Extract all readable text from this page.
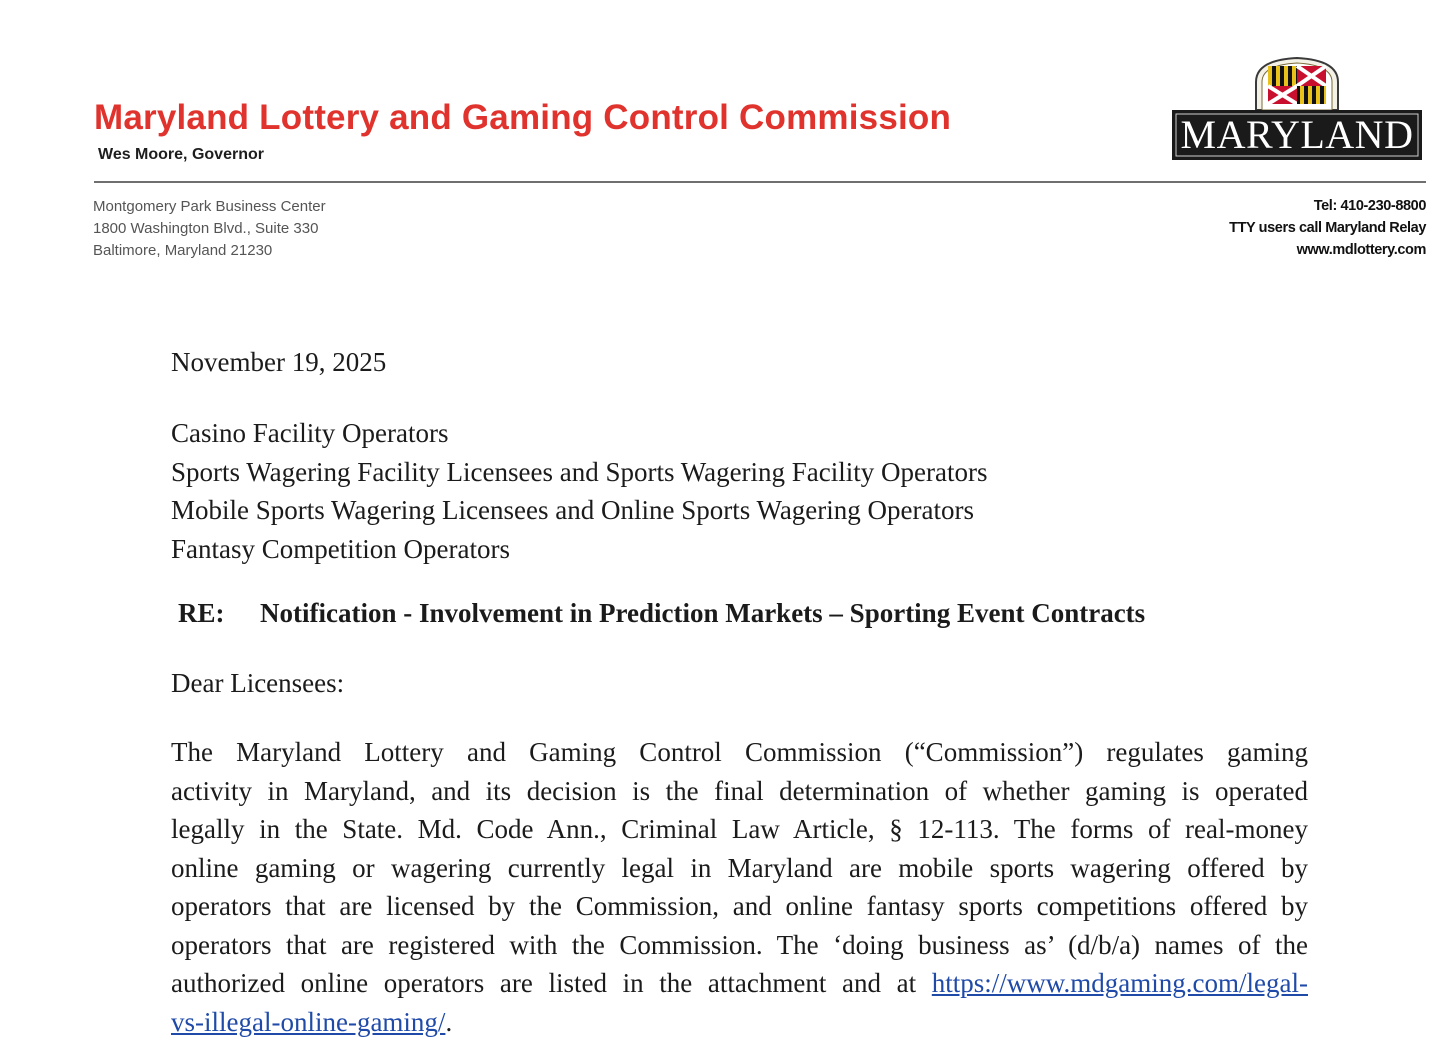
Maryland Lottery and Gaming Control Commission
Wes Moore, Governor	MARYLAND
Montgomery Park Business Center
1800 Washington Blvd., Suite 330
Baltimore, Maryland 21230
Tel: 410-230-8800
TTY users call Maryland Relay
www.mdlottery.com
November 19, 2025
Casino Facility Operators
Sports Wagering Facility Licensees and Sports Wagering Facility Operators
Mobile Sports Wagering Licensees and Online Sports Wagering Operators
Fantasy Competition Operators
RE: Notification - Involvement in Prediction Markets – Sporting Event Contracts
Dear Licensees:
The Maryland Lottery and Gaming Control Commission (“Commission”) regulates gaming
activity in Maryland, and its decision is the final determination of whether gaming is operated
legally in the State. Md. Code Ann., Criminal Law Article, § 12-113. The forms of real-money
online gaming or wagering currently legal in Maryland are mobile sports wagering offered by
operators that are licensed by the Commission, and online fantasy sports competitions offered by
operators that are registered with the Commission. The ‘doing business as’ (d/b/a) names of the
authorized online operators are listed in the attachment and at https://www.mdgaming.com/legal-
vs-illegal-online-gaming/.
